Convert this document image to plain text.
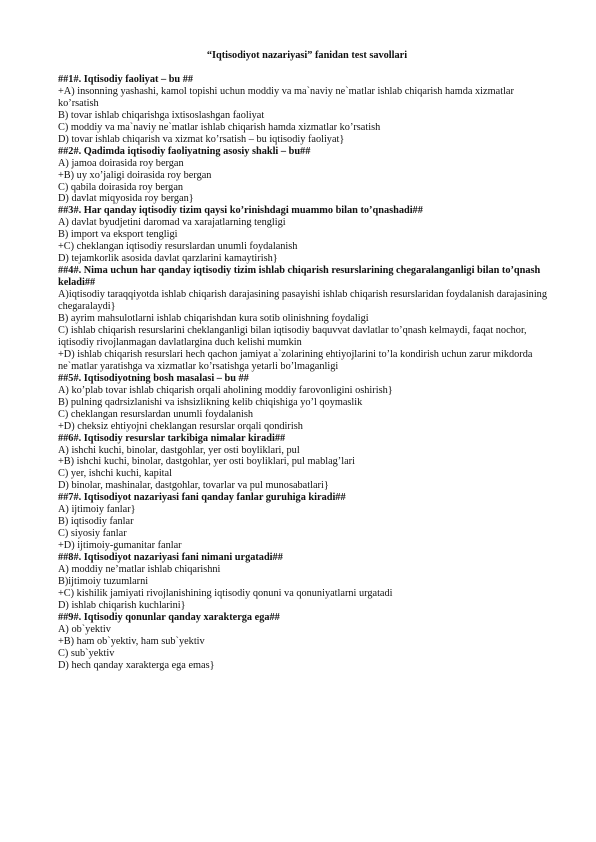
“Iqtisodiyot nazariyasi” fanidan test savollari
##1#. Iqtisodiy faoliyat – bu ##
+A) insonning yashashi, kamol topishi uchun moddiy va ma`naviy ne`matlar ishlab chiqarish hamda xizmatlar ko’rsatish
B) tovar ishlab chiqarishga ixtisoslashgan faoliyat
C) moddiy va ma`naviy ne`matlar ishlab chiqarish hamda xizmatlar ko’rsatish
D) tovar ishlab chiqarish va xizmat ko’rsatish – bu iqtisodiy faoliyat}
##2#. Qadimda iqtisodiy faoliyatning asosiy shakli – bu##
A) jamoa doirasida roy bergan
+B) uy xo’jaligi doirasida roy bergan
C) qabila doirasida roy bergan
D) davlat miqyosida roy bergan}
##3#. Har qanday iqtisodiy tizim qaysi ko’rinishdagi muammo bilan to’qnashadi##
A) davlat byudjetini daromad va xarajatlarning tengligi
B) import va eksport tengligi
+C) cheklangan iqtisodiy resurslardan unumli foydalanish
D) tejamkorlik asosida davlat qarzlarini kamaytirish}
##4#. Nima uchun har qanday iqtisodiy tizim ishlab chiqarish resurslarining chegaralanganligi bilan to’qnash keladi##
A)iqtisodiy taraqqiyotda ishlab chiqarish darajasining pasayishi ishlab chiqarish resurslaridan foydalanish darajasining chegaralaydi}
B) ayrim mahsulotlarni ishlab chiqarishdan kura sotib olinishning foydaligi
C) ishlab chiqarish resurslarini cheklanganligi bilan iqtisodiy baquvvat davlatlar to’qnash kelmaydi, faqat nochor, iqtisodiy rivojlanmagan davlatlargina duch kelishi mumkin
+D) ishlab chiqarish resurslari hech qachon jamiyat a`zolarining ehtiyojlarini to’la kondirish uchun zarur mikdorda ne`matlar yaratishga va xizmatlar ko’rsatishga yetarli bo’lmaganligi
##5#. Iqtisodiyotning bosh masalasi – bu ##
A) ko’plab tovar ishlab chiqarish orqali aholining moddiy farovonligini oshirish}
B) pulning qadrsizlanishi va ishsizlikning kelib chiqishiga yo’l qoymaslik
C) cheklangan resurslardan unumli foydalanish
+D) cheksiz ehtiyojni cheklangan resurslar orqali qondirish
##6#. Iqtisodiy resurslar tarkibiga nimalar kiradi##
A) ishchi kuchi, binolar, dastgohlar, yer osti boyliklari, pul
+B) ishchi kuchi, binolar, dastgohlar, yer osti boyliklari, pul mablag’lari
C) yer, ishchi kuchi, kapital
D) binolar, mashinalar, dastgohlar, tovarlar va pul munosabatlari}
##7#. Iqtisodiyot nazariyasi fani qanday fanlar guruhiga kiradi##
A) ijtimoiy fanlar}
B) iqtisodiy fanlar
C) siyosiy fanlar
+D) ijtimoiy-gumanitar fanlar
##8#. Iqtisodiyot nazariyasi fani nimani urgatadi##
A) moddiy ne’matlar ishlab chiqarishni
B)ijtimoiy tuzumlarni
+C) kishilik jamiyati rivojlanishining iqtisodiy qonuni va qonuniyatlarni urgatadi
D) ishlab chiqarish kuchlarini}
##9#. Iqtisodiy qonunlar qanday xarakterga ega##
A) ob`yektiv
+B) ham ob`yektiv, ham sub`yektiv
C) sub`yektiv
D) hech qanday xarakterga ega emas}
